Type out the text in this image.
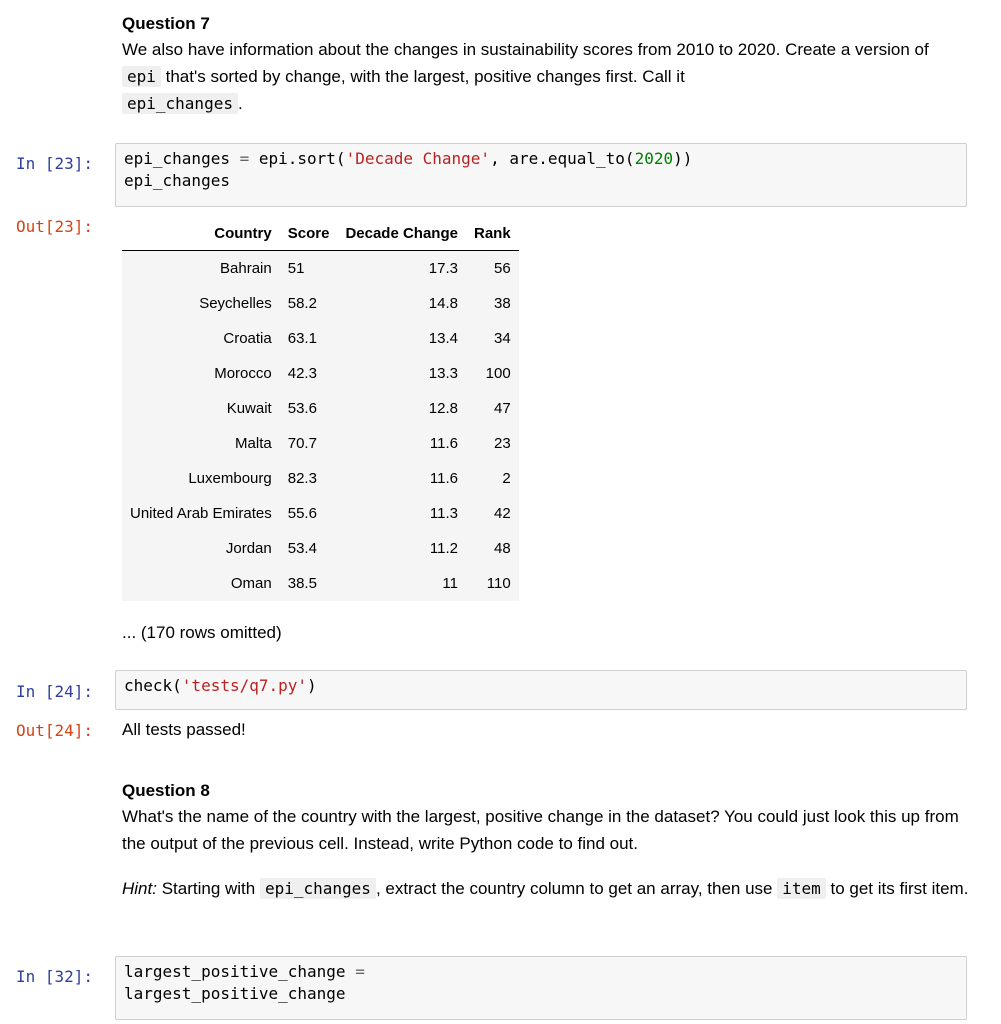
Question 7

We also have information about the changes in sustainability scores from 2010 to 2020. Create a version of epi that's sorted by change, with the largest, positive changes first. Call it
epi_changes .

In [23]:	epi_changes = epi.sort('Decade Change', are.equal_to(2020))
epi_changes
Out[23]:	Country	Score	Decade Change	Rank
Bahrain	51	17.3	56
Seychelles	58.2	14.8	38
Croatia	63.1	13.4	34
Morocco	42.3	13.3	100
Kuwait	53.6	12.8	47
Malta	70.7	11.6	23
Luxembourg	82.3	11.6	2
United Arab Emirates	55.6	11.3	42
Jordan	53.4	11.2	48
Oman	38.5	11	110
... (170 rows omitted)
In [24]:	check('tests/q7.py')
Out[24]: All tests passed!
Question 8

What's the name of the country with the largest, positive change in the dataset? You could just look this up from the output of the previous cell. Instead, write Python code to find out.

Hint: Starting with epi_changes , extract the country column to get an array, then use item to get its first item.

In [32]:	largest_positive_change =
largest_positive_change
